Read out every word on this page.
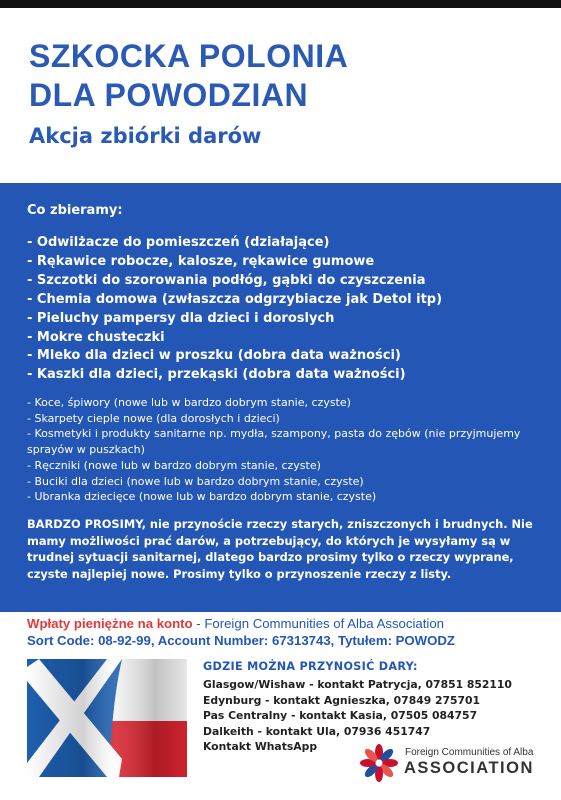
SZKOCKA POLONIA
DLA POWODZIAN
Akcja zbiórki darów
Co zbieramy:
- Odwilżacze do pomieszczeń (działające)
- Rękawice robocze, kalosze, rękawice gumowe
- Szczotki do szorowania podłóg, gąbki do czyszczenia
- Chemia domowa (zwłaszcza odgrzybiacze jak Detol itp)
- Pieluchy pampersy dla dzieci i doroslych
- Mokre chusteczki
- Mleko dla dzieci w proszku (dobra data ważności)
- Kaszki dla dzieci, przekąski (dobra data ważności)
- Koce, śpiwory (nowe lub w bardzo dobrym stanie, czyste)
- Skarpety cieple nowe (dla dorosłych i dzieci)
- Kosmetyki i produkty sanitarne np. mydła, szampony, pasta do zębów (nie przyjmujemy sprayów w puszkach)
- Ręczniki (nowe lub w bardzo dobrym stanie, czyste)
- Buciki dla dzieci (nowe lub w bardzo dobrym stanie, czyste)
- Ubranka dziecięce (nowe lub w bardzo dobrym stanie, czyste)

BARDZO PROSIMY, nie przynoście rzeczy starych, zniszczonych i brudnych. Nie mamy możliwości prać darów, a potrzebujący, do których je wysyłamy są w trudnej sytuacji sanitarnej, dlatego bardzo prosimy tylko o rzeczy wyprane, czyste najlepiej nowe. Prosimy tylko o przynoszenie rzeczy z listy.

Wpłaty pieniężne na konto - Foreign Communities of Alba Association
Sort Code: 08-92-99, Account Number: 67313743, Tytułem: POWODZ
GDZIE MOŻNA PRZYNOSIĆ DARY:
Glasgow/Wishaw - kontakt Patrycja, 07851 852110
Edynburg - kontakt Agnieszka, 07849 275701
Pas Centralny - kontakt Kasia, 07505 084757
Dalkeith - kontakt Ula, 07936 451747
Kontakt WhatsApp	Foreign Communities of Alba
ASSOCIATION
